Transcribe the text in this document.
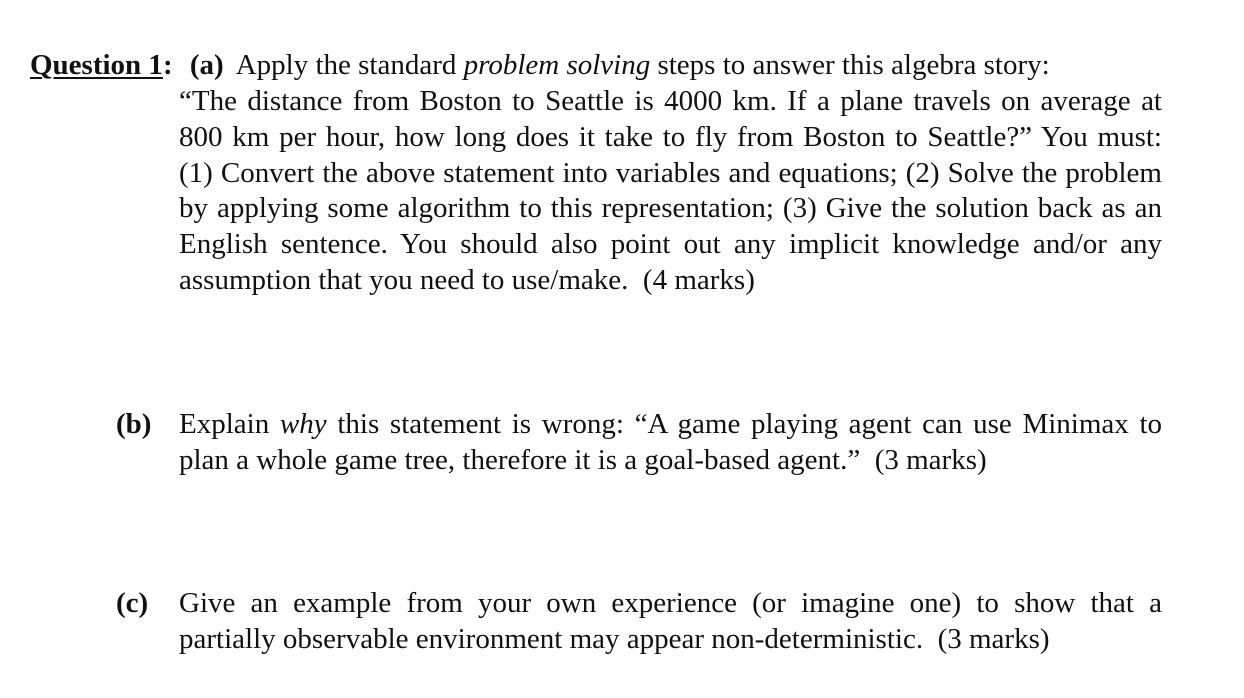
Question 1: (a) Apply the standard problem solving steps to answer this algebra story:
“The distance from Boston to Seattle is 4000 km. If a plane travels on average at 800 km per hour, how long does it take to fly from Boston to Seattle?” You must: (1) Convert the above statement into variables and equations; (2) Solve the problem by applying some algorithm to this representation; (3) Give the solution back as an English sentence. You should also point out any implicit knowledge and/or any assumption that you need to use/make. (4 marks)
(b) Explain why this statement is wrong: “A game playing agent can use Minimax to plan a whole game tree, therefore it is a goal-based agent.” (3 marks)
(c) Give an example from your own experience (or imagine one) to show that a partially observable environment may appear non-deterministic. (3 marks)
